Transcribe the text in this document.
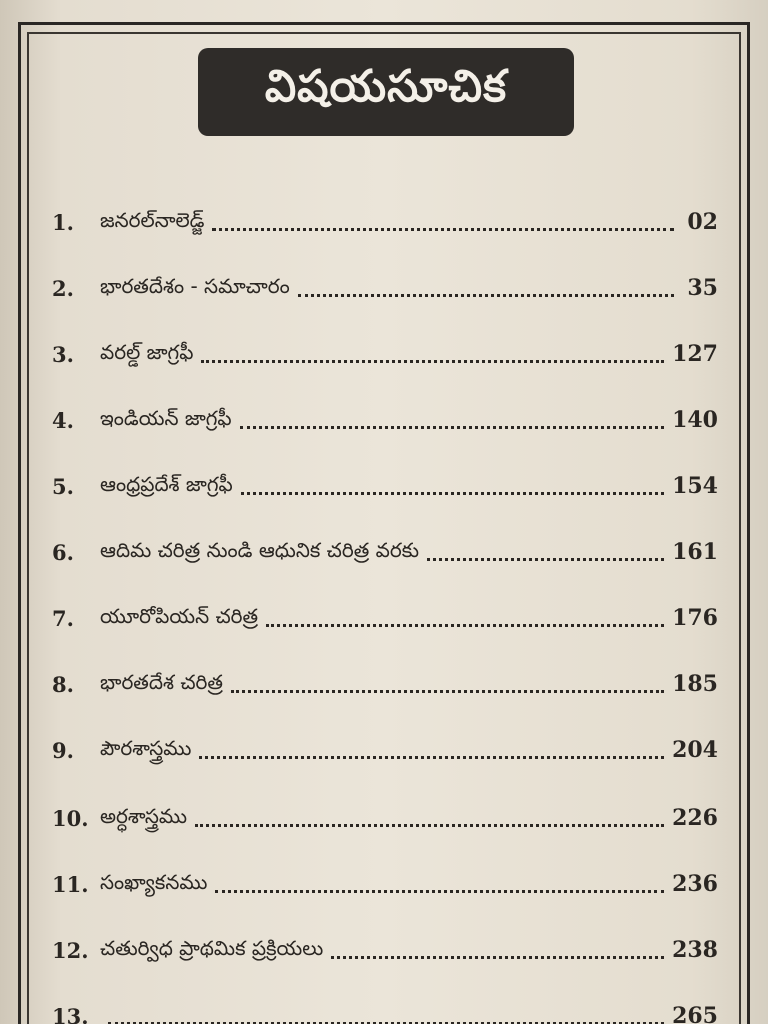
విషయసూచిక
1.	జనరల్‌నాలెడ్జ్	02
2.	భారతదేశం - సమాచారం	35
3.	వరల్డ్ జాగ్రఫీ	127
4.	ఇండియన్ జాగ్రఫీ	140
5.	ఆంధ్రప్రదేశ్ జాగ్రఫీ	154
6.	ఆదిమ చరిత్ర నుండి ఆధునిక చరిత్ర వరకు	161
7.	యూరోపియన్ చరిత్ర	176
8.	భారతదేశ చరిత్ర	185
9.	పౌరశాస్త్రము	204
10. అర్ధశాస్త్రము	226
11. సంఖ్యాకనము	236
12. చతుర్విధ ప్రాథమిక ప్రక్రియలు	238
13.	265
